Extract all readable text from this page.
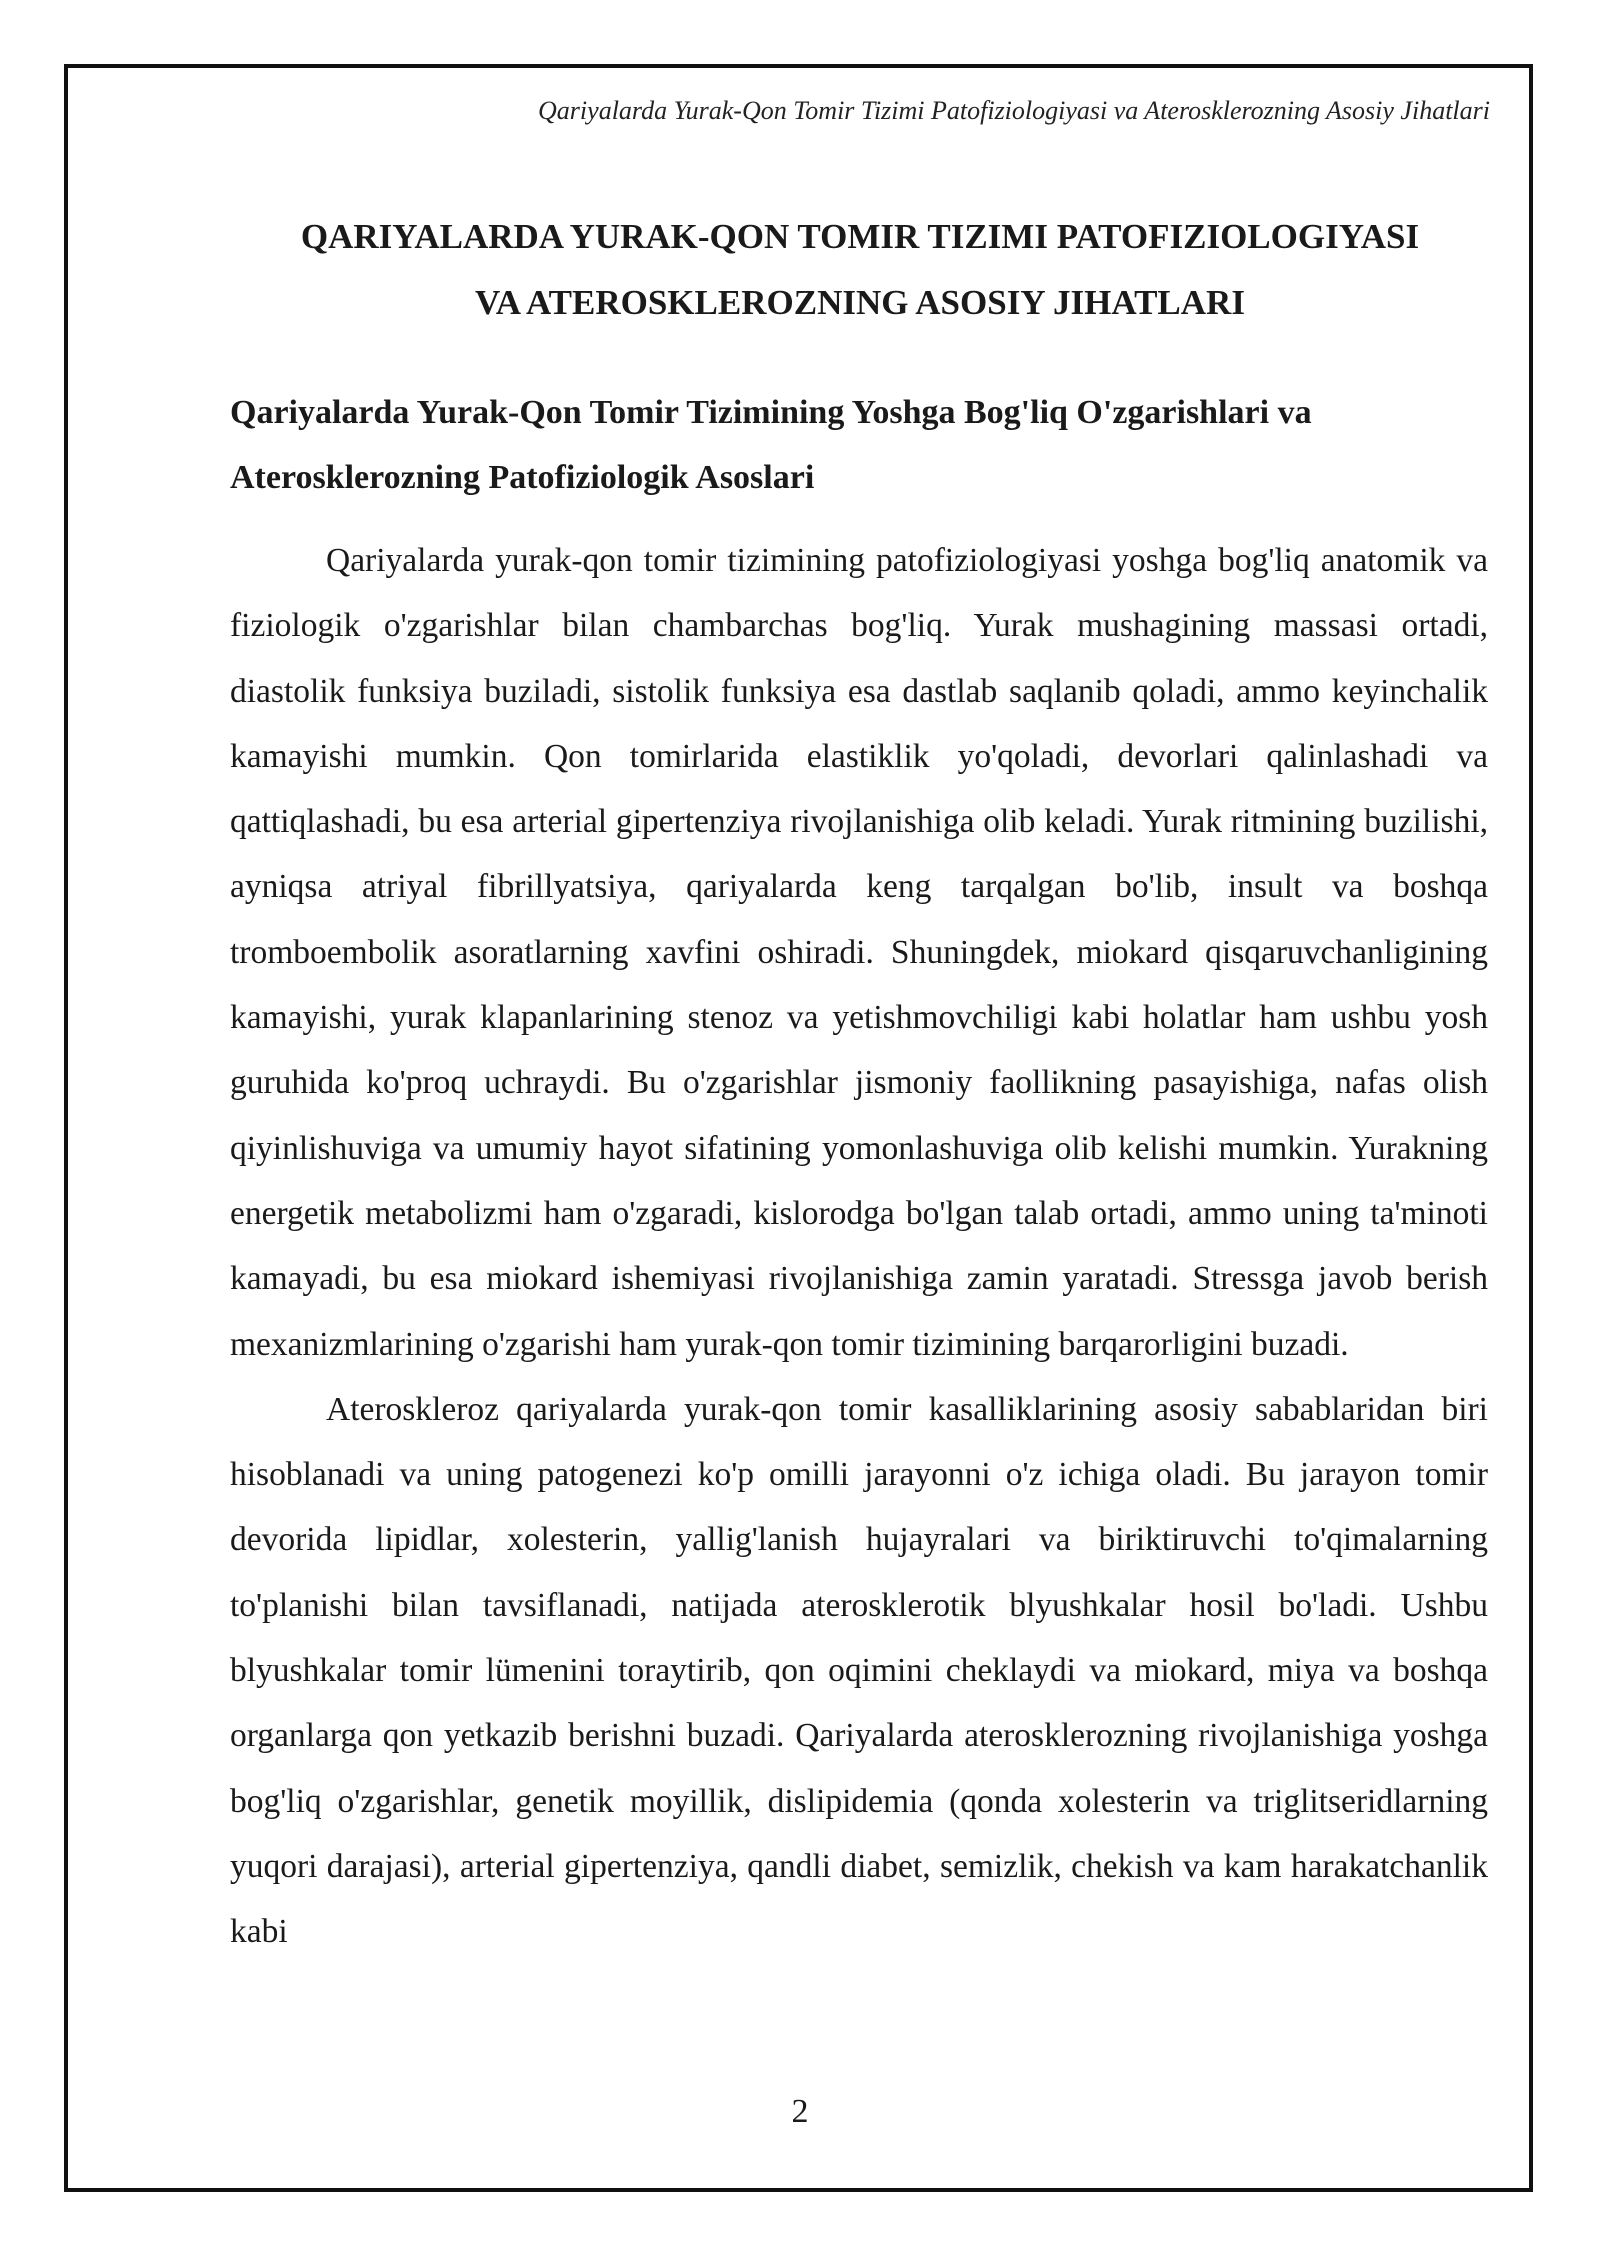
Qariyalarda Yurak-Qon Tomir Tizimi Patofiziologiyasi va Aterosklerozning Asosiy Jihatlari
QARIYALARDA YURAK-QON TOMIR TIZIMI PATOFIZIOLOGIYASI
VA ATEROSKLEROZNING ASOSIY JIHATLARI
Qariyalarda Yurak-Qon Tomir Tizimining Yoshga Bog'liq O'zgarishlari va Aterosklerozning Patofiziologik Asoslari

Qariyalarda yurak-qon tomir tizimining patofiziologiyasi yoshga bog'liq anatomik va fiziologik o'zgarishlar bilan chambarchas bog'liq. Yurak mushagining massasi ortadi, diastolik funksiya buziladi, sistolik funksiya esa dastlab saqlanib qoladi, ammo keyinchalik kamayishi mumkin. Qon tomirlarida elastiklik yo'qoladi, devorlari qalinlashadi va qattiqlashadi, bu esa arterial gipertenziya rivojlanishiga olib keladi. Yurak ritmining buzilishi, ayniqsa atriyal fibrillyatsiya, qariyalarda keng tarqalgan bo'lib, insult va boshqa tromboembolik asoratlarning xavfini oshiradi. Shuningdek, miokard qisqaruvchanligining kamayishi, yurak klapanlarining stenoz va yetishmovchiligi kabi holatlar ham ushbu yosh guruhida ko'proq uchraydi. Bu o'zgarishlar jismoniy faollikning pasayishiga, nafas olish qiyinlishuviga va umumiy hayot sifatining yomonlashuviga olib kelishi mumkin. Yurakning energetik metabolizmi ham o'zgaradi, kislorodga bo'lgan talab ortadi, ammo uning ta'minoti kamayadi, bu esa miokard ishemiyasi rivojlanishiga zamin yaratadi. Stressga javob berish mexanizmlarining o'zgarishi ham yurak-qon tomir tizimining barqarorligini buzadi.

Ateroskleroz qariyalarda yurak-qon tomir kasalliklarining asosiy sabablaridan biri hisoblanadi va uning patogenezi ko'p omilli jarayonni o'z ichiga oladi. Bu jarayon tomir devorida lipidlar, xolesterin, yallig'lanish hujayralari va biriktiruvchi to'qimalarning to'planishi bilan tavsiflanadi, natijada aterosklerotik blyushkalar hosil bo'ladi. Ushbu blyushkalar tomir lümenini toraytirib, qon oqimini cheklaydi va miokard, miya va boshqa organlarga qon yetkazib berishni buzadi. Qariyalarda aterosklerozning rivojlanishiga yoshga bog'liq o'zgarishlar, genetik moyillik, dislipidemia (qonda xolesterin va triglitseridlarning yuqori darajasi), arterial gipertenziya, qandli diabet, semizlik, chekish va kam harakatchanlik kabi

2
